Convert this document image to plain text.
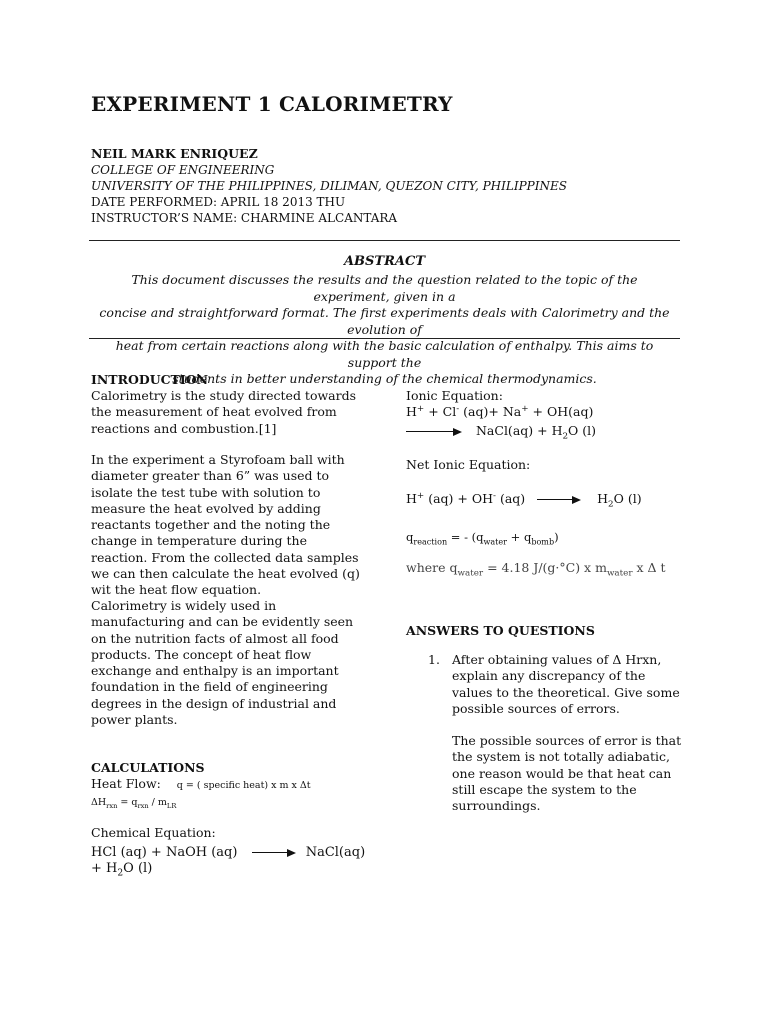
EXPERIMENT 1 CALORIMETRY
NEIL MARK ENRIQUEZ
COLLEGE OF ENGINEERING
UNIVERSITY OF THE PHILIPPINES, DILIMAN, QUEZON CITY, PHILIPPINES
DATE PERFORMED: APRIL 18 2013 THU
INSTRUCTOR’S NAME: CHARMINE ALCANTARA
ABSTRACT
This document discusses the results and the question related to the topic of the experiment, given in a
concise and straightforward format. The first experiments deals with Calorimetry and the evolution of
heat from certain reactions along with the basic calculation of enthalpy. This aims to support the
students in better understanding of the chemical thermodynamics.
INTRODUCTION
Calorimetry is the study directed towards the measurement of heat evolved from reactions and combustion.[1]
In the experiment a Styrofoam ball with diameter greater than 6” was used to isolate the test tube with solution to measure the heat evolved by adding reactants together and the noting the change in temperature during the reaction. From the collected data samples we can then calculate the heat evolved (q) wit the heat flow equation.
Calorimetry is widely used in manufacturing and can be evidently seen on the nutrition facts of almost all food products. The concept of heat flow exchange and enthalpy is an important foundation in the field of engineering degrees in the design of industrial and power plants.
CALCULATIONS
Heat Flow: q = ( specific heat) x m x Δt
$\Delta H_{rxn} = q_{rxn} / m_{LR}$
Chemical Equation:
HCl (aq) + NaOH (aq)	NaCl(aq)
+ $H_2O$ (l)
Ionic Equation:
H+ + Cl- (aq)+ Na+ + OH(aq)
NaCl(aq) + $H_2O$ (l)
Net Ionic Equation:
H+ (aq) + OH- (aq)	$H_2O$ (l)
$q_{reaction}$ = - $(q_{water} + q_{bomb})$
where $q_{water} = 4.18$ J/(g·°C) x $m_{water}$ x Δ t
ANSWERS TO QUESTIONS
1. After obtaining values of Δ Hrxn, explain any discrepancy of the values to the theoretical. Give some possible sources of errors.
The possible sources of error is that the system is not totally adiabatic, one reason would be that heat can still escape the system to the surroundings.
